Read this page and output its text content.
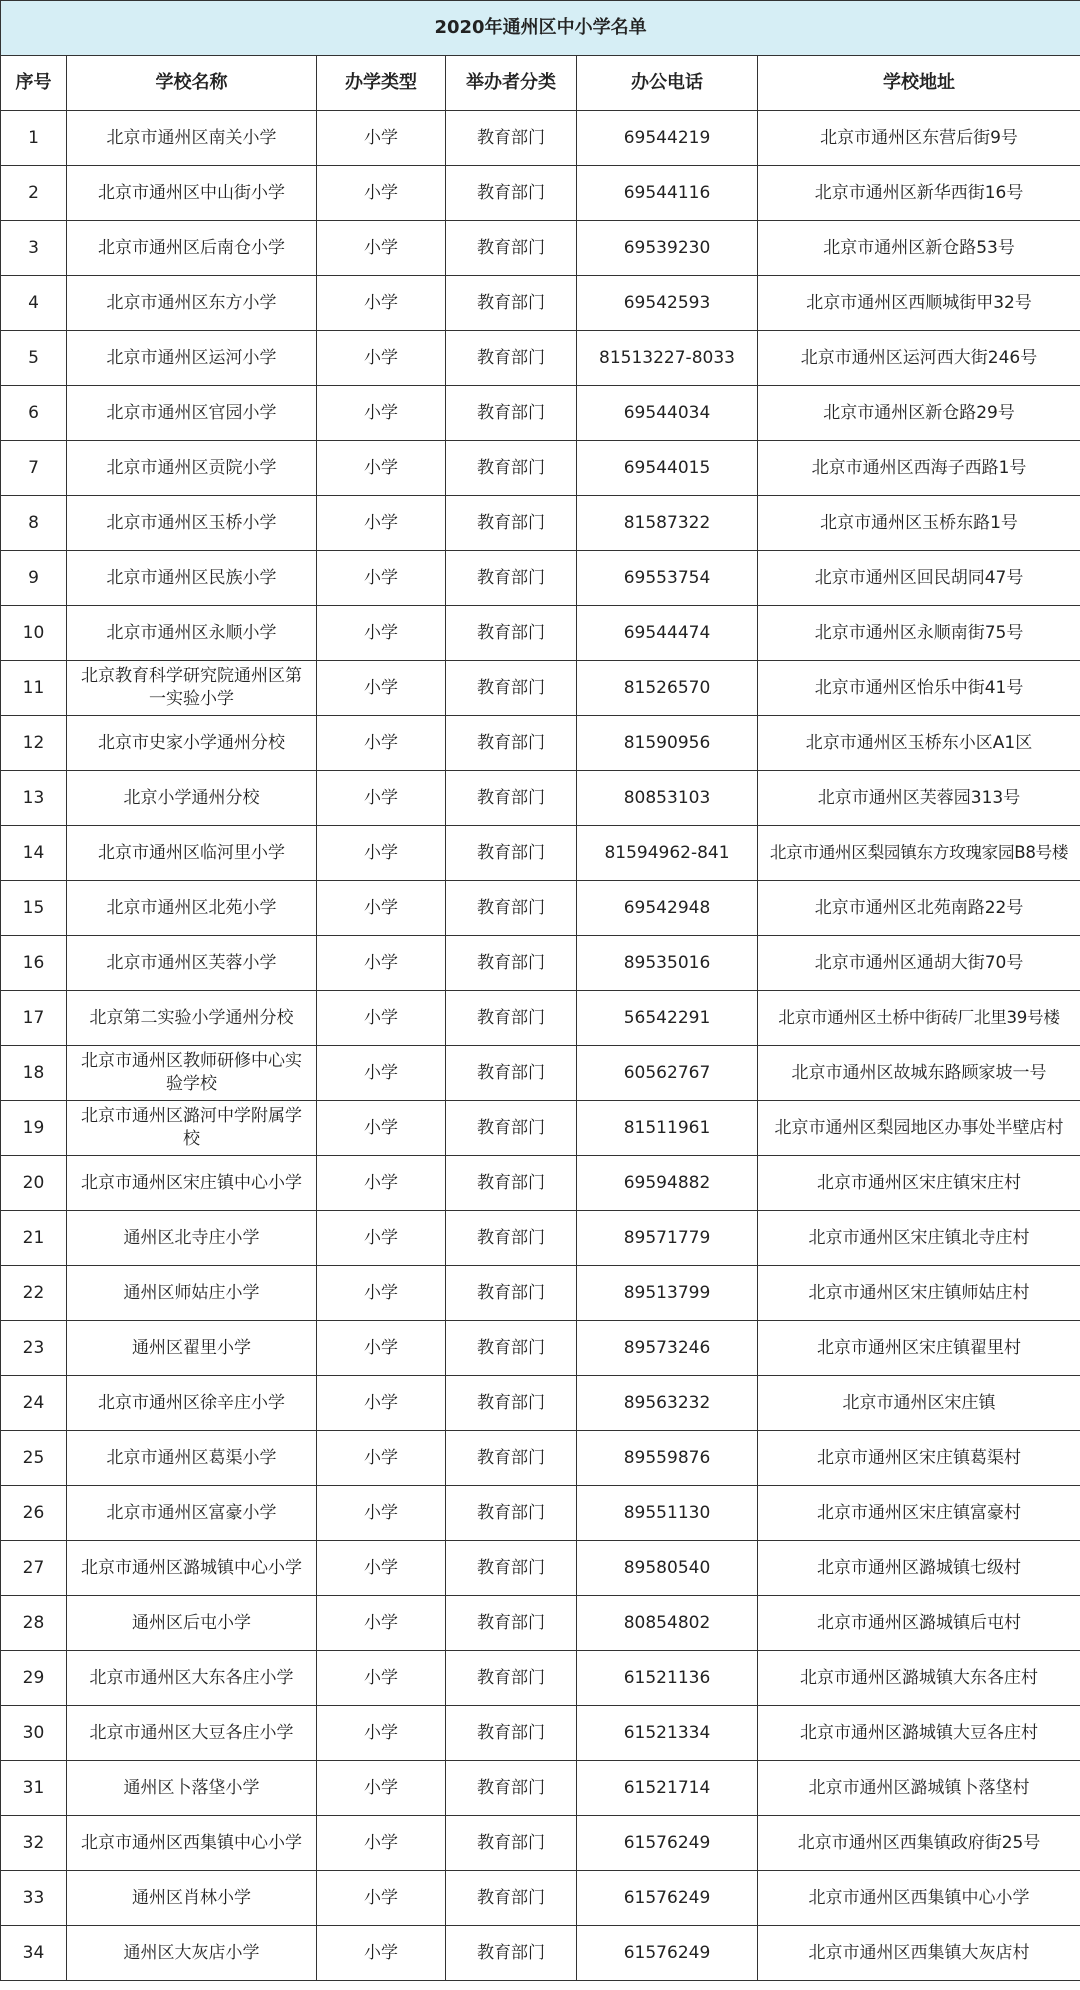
2020年通州区中小学名单					
序号	学校名称	办学类型	举办者分类	办公电话	学校地址
1	北京市通州区南关小学	小学	教育部门	69544219	北京市通州区东营后街9号

2	北京市通州区中山街小学	小学	教育部门	69544116	北京市通州区新华西街16号

3	北京市通州区后南仓小学	小学	教育部门	69539230	北京市通州区新仓路53号

4	北京市通州区东方小学	小学	教育部门	69542593	北京市通州区西顺城街甲32号

5	北京市通州区运河小学	小学	教育部门	81513227-8033	北京市通州区运河西大街246号

6	北京市通州区官园小学	小学	教育部门	69544034	北京市通州区新仓路29号

7	北京市通州区贡院小学	小学	教育部门	69544015	北京市通州区西海子西路1号

8	北京市通州区玉桥小学	小学	教育部门	81587322	北京市通州区玉桥东路1号

9	北京市通州区民族小学	小学	教育部门	69553754	北京市通州区回民胡同47号

10	北京市通州区永顺小学	小学	教育部门	69544474	北京市通州区永顺南街75号

11	北京教育科学研究院通州区第一实验小学	小学	教育部门	81526570	北京市通州区怡乐中街41号

12	北京市史家小学通州分校	小学	教育部门	81590956	北京市通州区玉桥东小区A1区

13	北京小学通州分校	小学	教育部门	80853103	北京市通州区芙蓉园313号

14	北京市通州区临河里小学	小学	教育部门	81594962-841	北京市通州区梨园镇东方玫瑰家园B8号楼

15	北京市通州区北苑小学	小学	教育部门	69542948	北京市通州区北苑南路22号

16	北京市通州区芙蓉小学	小学	教育部门	89535016	北京市通州区通胡大街70号

17	北京第二实验小学通州分校	小学	教育部门	56542291	北京市通州区土桥中街砖厂北里39号楼

18	北京市通州区教师研修中心实验学校	小学	教育部门	60562767	北京市通州区故城东路顾家坡一号

19	北京市通州区潞河中学附属学校	小学	教育部门	81511961	北京市通州区梨园地区办事处半壁店村

20	北京市通州区宋庄镇中心小学	小学	教育部门	69594882	北京市通州区宋庄镇宋庄村

21	通州区北寺庄小学	小学	教育部门	89571779	北京市通州区宋庄镇北寺庄村

22	通州区师姑庄小学	小学	教育部门	89513799	北京市通州区宋庄镇师姑庄村

23	通州区翟里小学	小学	教育部门	89573246	北京市通州区宋庄镇翟里村

24	北京市通州区徐辛庄小学	小学	教育部门	89563232	北京市通州区宋庄镇

25	北京市通州区葛渠小学	小学	教育部门	89559876	北京市通州区宋庄镇葛渠村

26	北京市通州区富豪小学	小学	教育部门	89551130	北京市通州区宋庄镇富豪村

27	北京市通州区潞城镇中心小学	小学	教育部门	89580540	北京市通州区潞城镇七级村

28	通州区后屯小学	小学	教育部门	80854802	北京市通州区潞城镇后屯村

29	北京市通州区大东各庄小学	小学	教育部门	61521136	北京市通州区潞城镇大东各庄村

30	北京市通州区大豆各庄小学	小学	教育部门	61521334	北京市通州区潞城镇大豆各庄村

31	通州区卜落垡小学	小学	教育部门	61521714	北京市通州区潞城镇卜落垡村

32	北京市通州区西集镇中心小学	小学	教育部门	61576249	北京市通州区西集镇政府街25号

33	通州区肖林小学	小学	教育部门	61576249	北京市通州区西集镇中心小学

34	通州区大灰店小学	小学	教育部门	61576249	北京市通州区西集镇大灰店村
